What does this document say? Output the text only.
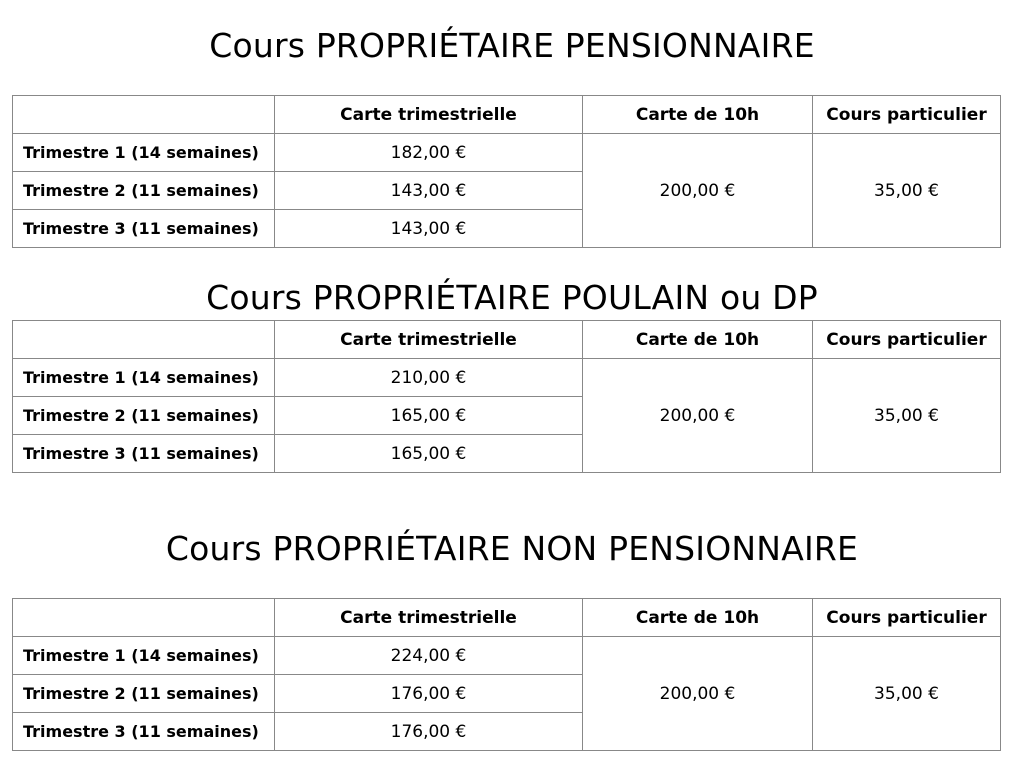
Cours PROPRIÉTAIRE PENSIONNAIRE
	Carte trimestrielle	Carte de 10h	Cours particulier
Trimestre 1 (14 semaines)	182,00 €	200,00 €	35,00 €
Trimestre 2 (11 semaines)	143,00 €		
Trimestre 3 (11 semaines)	143,00 €		
Cours PROPRIÉTAIRE POULAIN ou DP
	Carte trimestrielle	Carte de 10h	Cours particulier
Trimestre 1 (14 semaines)	210,00 €	200,00 €	35,00 €
Trimestre 2 (11 semaines)	165,00 €		
Trimestre 3 (11 semaines)	165,00 €		
Cours PROPRIÉTAIRE NON PENSIONNAIRE
	Carte trimestrielle	Carte de 10h	Cours particulier
Trimestre 1 (14 semaines)	224,00 €	200,00 €	35,00 €
Trimestre 2 (11 semaines)	176,00 €		
Trimestre 3 (11 semaines)	176,00 €		
